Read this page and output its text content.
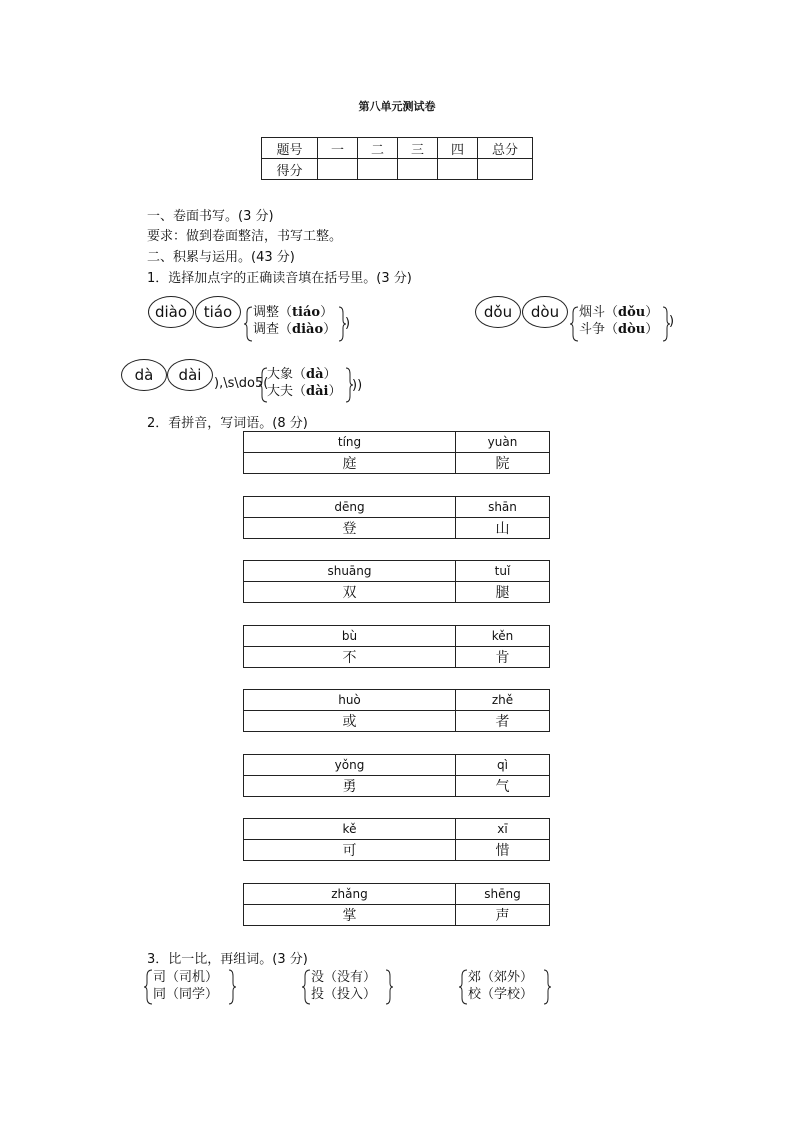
第八单元测试卷
题号	一	二	三	四	总分
得分					
一、卷面书写。(3 分)
要求：做到卷面整洁，书写工整。
二、积累与运用。(43 分)
1．选择加点字的正确读音填在括号里。(3 分)
diào	tiáo	调整（tiáo）
调查（diào） )
dǒu	dòu	烟斗（dǒu）
斗争（dòu）
)
dà	dài ),\s\do5(
大象（dà）
大夫（dài） ))
2．看拼音，写词语。(8 分)
tíng	yuàn
庭	院
dēng	shān
登	山
shuāng	tuǐ
双	腿
bù	kěn
不	肯
huò	zhě
或	者
yǒng	qì
勇	气
kě	xī
可	惜
zhǎng	shēng
掌	声
3．比一比，再组词。(3 分)
司（司机）
同（同学）
没（没有）
投（投入）
郊（郊外）
校（学校）
